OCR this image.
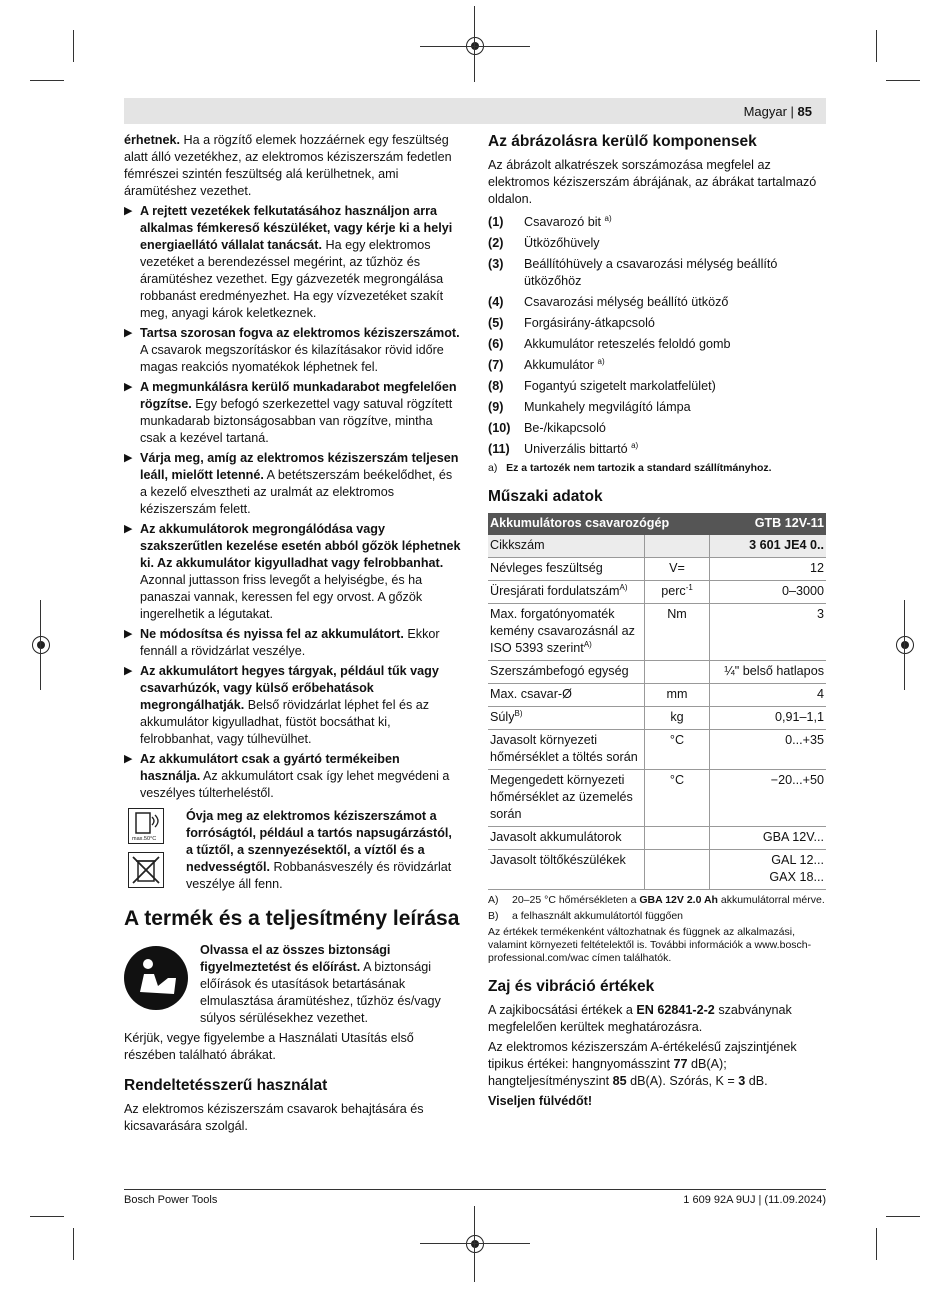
Magyar | 85

érhetnek. Ha a rögzítő elemek hozzáérnek egy feszültség alatt álló vezetékhez, az elektromos kéziszerszám fedetlen fémrészei szintén feszültség alá kerülhetnek, ami áramütéshez vezethet.

▶ A rejtett vezetékek felkutatásához használjon arra alkalmas fémkereső készüléket, vagy kérje ki a helyi energiaellátó vállalat tanácsát. Ha egy elektromos vezetéket a berendezéssel megérint, az tűzhöz és áramütéshez vezethet. Egy gázvezeték megrongálása robbanást eredményezhet. Ha egy vízvezetéket szakít meg, anyagi károk keletkeznek.
▶ Tartsa szorosan fogva az elektromos kéziszerszámot. A csavarok megszorításkor és kilazításakor rövid időre magas reakciós nyomatékok léphetnek fel.
▶ A megmunkálásra kerülő munkadarabot megfelelően rögzítse. Egy befogó szerkezettel vagy satuval rögzített munkadarab biztonságosabban van rögzítve, mintha csak a kezével tartaná.
▶ Várja meg, amíg az elektromos kéziszerszám teljesen leáll, mielőtt letenné. A betétszerszám beékelődhet, és a kezelő elvesztheti az uralmát az elektromos kéziszerszám felett.
▶ Az akkumulátorok megrongálódása vagy szakszerűtlen kezelése esetén abból gőzök léphetnek ki. Az akkumulátor kigyulladhat vagy felrobbanhat. Azonnal juttasson friss levegőt a helyiségbe, és ha panaszai vannak, keressen fel egy orvost. A gőzök ingerelhetik a légutakat.
▶ Ne módosítsa és nyissa fel az akkumulátort. Ekkor fennáll a rövidzárlat veszélye.
▶ Az akkumulátort hegyes tárgyak, például tűk vagy csavarhúzók, vagy külső erőbehatások megrongálhatják. Belső rövidzárlat léphet fel és az akkumulátor kigyulladhat, füstöt bocsáthat ki, felrobbanhat, vagy túlhevülhet.
▶ Az akkumulátort csak a gyártó termékeiben használja. Az akkumulátort csak így lehet megvédeni a veszélyes túlterheléstől.
max.50°C

Óvja meg az elektromos kéziszerszámot a forróságtól, például a tartós napsugárzástól, a tűztől, a szennyezésektől, a víztől és a nedvességtől. Robbanásveszély és rövidzárlat veszélye áll fenn.

A termék és a teljesítmény leírása

Olvassa el az összes biztonsági figyelmeztetést és előírást. A biztonsági előírások és utasítások betartásának elmulasztása áramütéshez, tűzhöz és/vagy súlyos sérülésekhez vezethet.

Kérjük, vegye figyelembe a Használati Utasítás első részében található ábrákat.

Rendeltetésszerű használat

Az elektromos kéziszerszám csavarok behajtására és kicsavarására szolgál.

Az ábrázolásra kerülő komponensek

Az ábrázolt alkatrészek sorszámozása megfelel az elektromos kéziszerszám ábrájának, az ábrákat tartalmazó oldalon.

(1)	Csavarozó bit $^{a)}$
(2)	Ütközőhüvely
(3)	Beállítóhüvely a csavarozási mélység beállító ütközőhöz
(4)	Csavarozási mélység beállító ütköző
(5)	Forgásirány-átkapcsoló
(6)	Akkumulátor reteszelés feloldó gomb
(7)	Akkumulátor $^{a)}$
(8)	Fogantyú szigetelt markolatfelület)
(9)	Munkahely megvilágító lámpa
(10)	Be-/kikapcsoló
(11)	Univerzális bittartó $^{a)}$

a) Ez a tartozék nem tartozik a standard szállítmányhoz.

Műszaki adatok
Akkumulátoros csavarozógép		GTB 12V-11
Cikkszám		3 601 JE4 0..
Névleges feszültség	V=	12
Üresjárati fordulatszám$^{A)}$	perc$^{-1}$	0–3000
Max. forgatónyomaték kemény csavarozásnál az ISO 5393 szerint$^{A)}$	Nm	3
Szerszámbefogó egység		¼" belső hatlapos
Max. csavar-Ø	mm	4
Súly$^{B)}$	kg	0,91–1,1
Javasolt környezeti hőmérséklet a töltés során	°C	0...+35
Megengedett környezeti hőmérséklet az üzemelés során	°C	−20...+50
Javasolt akkumulátorok		GBA 12V...
Javasolt töltőkészülékek		GAL 12...
GAX 18...

A) 20–25 °C hőmérsékleten a GBA 12V 2.0 Ah akkumulátorral mérve.

B) a felhasznált akkumulátortól függően

Az értékek termékenként változhatnak és függnek az alkalmazási, valamint környezeti feltételektől is. További információk a www.bosch-professional.com/wac címen találhatók.

Zaj és vibráció értékek

A zajkibocsátási értékek a EN 62841-2-2 szabványnak megfelelően kerültek meghatározásra.

Az elektromos kéziszerszám A-értékelésű zajszintjének tipikus értékei: hangnyomásszint 77 dB(A); hangteljesítményszint 85 dB(A). Szórás, K = 3 dB.

Viseljen fülvédőt!

Bosch Power Tools	1 609 92A 9UJ | (11.09.2024)
